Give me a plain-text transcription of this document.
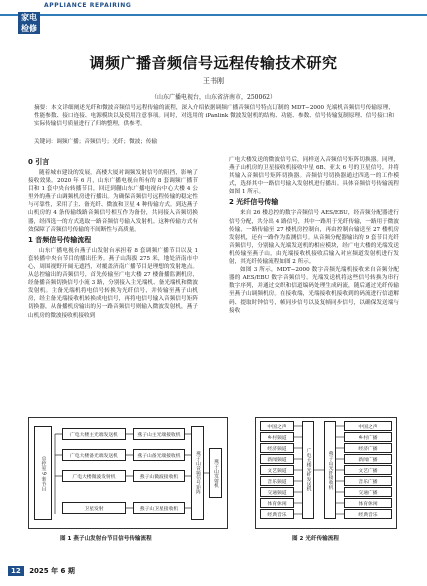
家电检修
APPLIANCE REPAIRING
调频广播音频信号远程传输技术研究
王书刚
（山东广播电视台，山东省济南市，250062）
摘要：本文详细阐述光纤和微波音频信号远程传输的流程，深入介绍依据调频广播音频信号特点订制的 MDT−2000 光端机音频信号传输原理，性能参数、接口连接、电源模块以及使用注意事项。同时，对选用的 iPanlink 微波发射机的结构、功能、参数、信号传输复制原理、信号接口和实际传输信号质量进行了归纳整理，供参考。
关键词：调频广播；音频信号；光纤；微波；传输
0 引言

随着城市建设的发展，高楼大厦对调频发射信号的阻挡，影响了接收效果。2020 年 6 月，山东广播电视台所有的 8 套调频广播节目和 1 套中央台转播节目，回迁到蒯山东广播电视台中心大楼 4 公里外的燕子山调频机房进行播出。为确保音频信号远程传输的稳定性与可靠性，采用了主、备光纤、微波和卫星 4 种传输方式。到达燕子山机房的 4 条传输线路音频信号相互作为备份，共同接入音频切换器，经四选一的方式选取一路音频信号输入发射机。这种传输方式有效保障了音频信号传输的不间断性与高质量。

1 音频信号传输流程

山东广播电视台燕子山发射台承担着 8 套调频广播节目以及 1 套转播中央台节目的播出任务。燕子山海拔 275 米，地处济南市中心，周围视野开阔无遮挡，对覆盖济南广播节目是理想的发射地点。从总控输出的音频信号，首先传输至广电大楼 27 楼备播监测机房，经备播音频切换信号小流 3 路，分别接入主光端机、备光端机和微波发射机。主备光端机将电信号转换为光纤信号，并传输至燕子山机房，经主备光端接收机转换成电信号，再将电信号输入音频信号矩阵切换器，从备播机房输出的另一路音频信号则输入微波发射机，燕子山机房的微波接收机接收到

广电大楼发送的微波信号后，同样送入音频信号矩阵切换器。同理，燕子山机房的卫星接收机接收中星 6B、亚太 6 号的卫星信号，并将其输入音频信号矩阵切换器。音频信号切换器通过四选一的工作模式，选择其中一路信号输入发射机进行播出。具体音频信号传输流程如图 1 所示。

2 光纤信号传输

来自 26 楼总控的数字音频信号 AES/EBU，经音频分配器进行信号分配，共分出 4 路信号，其中一路用于光纤传输，一路用于微波传输，一路传输至 27 楼机房控制台，再由控制台输送至 27 楼机房发射机，还有一路作为监测信号。从音频分配器输出的 9 套节目光纤音频信号，分别输入光端发送机的相应模块，经广电大楼的光端发送机传输至燕子山，由光端接收机接收后输入对应频道发射机进行发射，其光纤传输流程如图 2 所示。

如图 3 所示，MDT−2000 数字音频光端机接收来自音频分配器的 AES/EBU 数字音频信号。光端发送机将这些信号转换为串行数字序列，并通过交织和信道编码处理生成码流，随后通过光纤传输至燕子山调频机房。在接收端，光端接收机接收到的码流进行信道解码、提取时钟信号，帧同步信号以及复帧同步信号，以确保发送端与接收

总控室 9 套节目
广电大楼主光端发送机
广电大楼备光端发送机
广电大楼微波发射机
卫星发射
燕子山主光端接收机
燕子山备光端接收机
燕子山微波接收机
燕子山卫星接收机
燕子山音频信号矩阵	燕子山发射机
中国之声
乡村频道
经济频道
新闻频道
文艺频道
音乐频道
交通频道
体育休闲
经典音乐
广电大楼光纤发送机	燕子山光纤接收机
中国之声
乡村广播
经济广播
新闻广播
文艺广播
音乐广播
交通广播
体育休闲
经典音乐
图 1 燕子山发射台节目信号传输流程	图 2 光纤传输流程
12 2025 年 6 期
